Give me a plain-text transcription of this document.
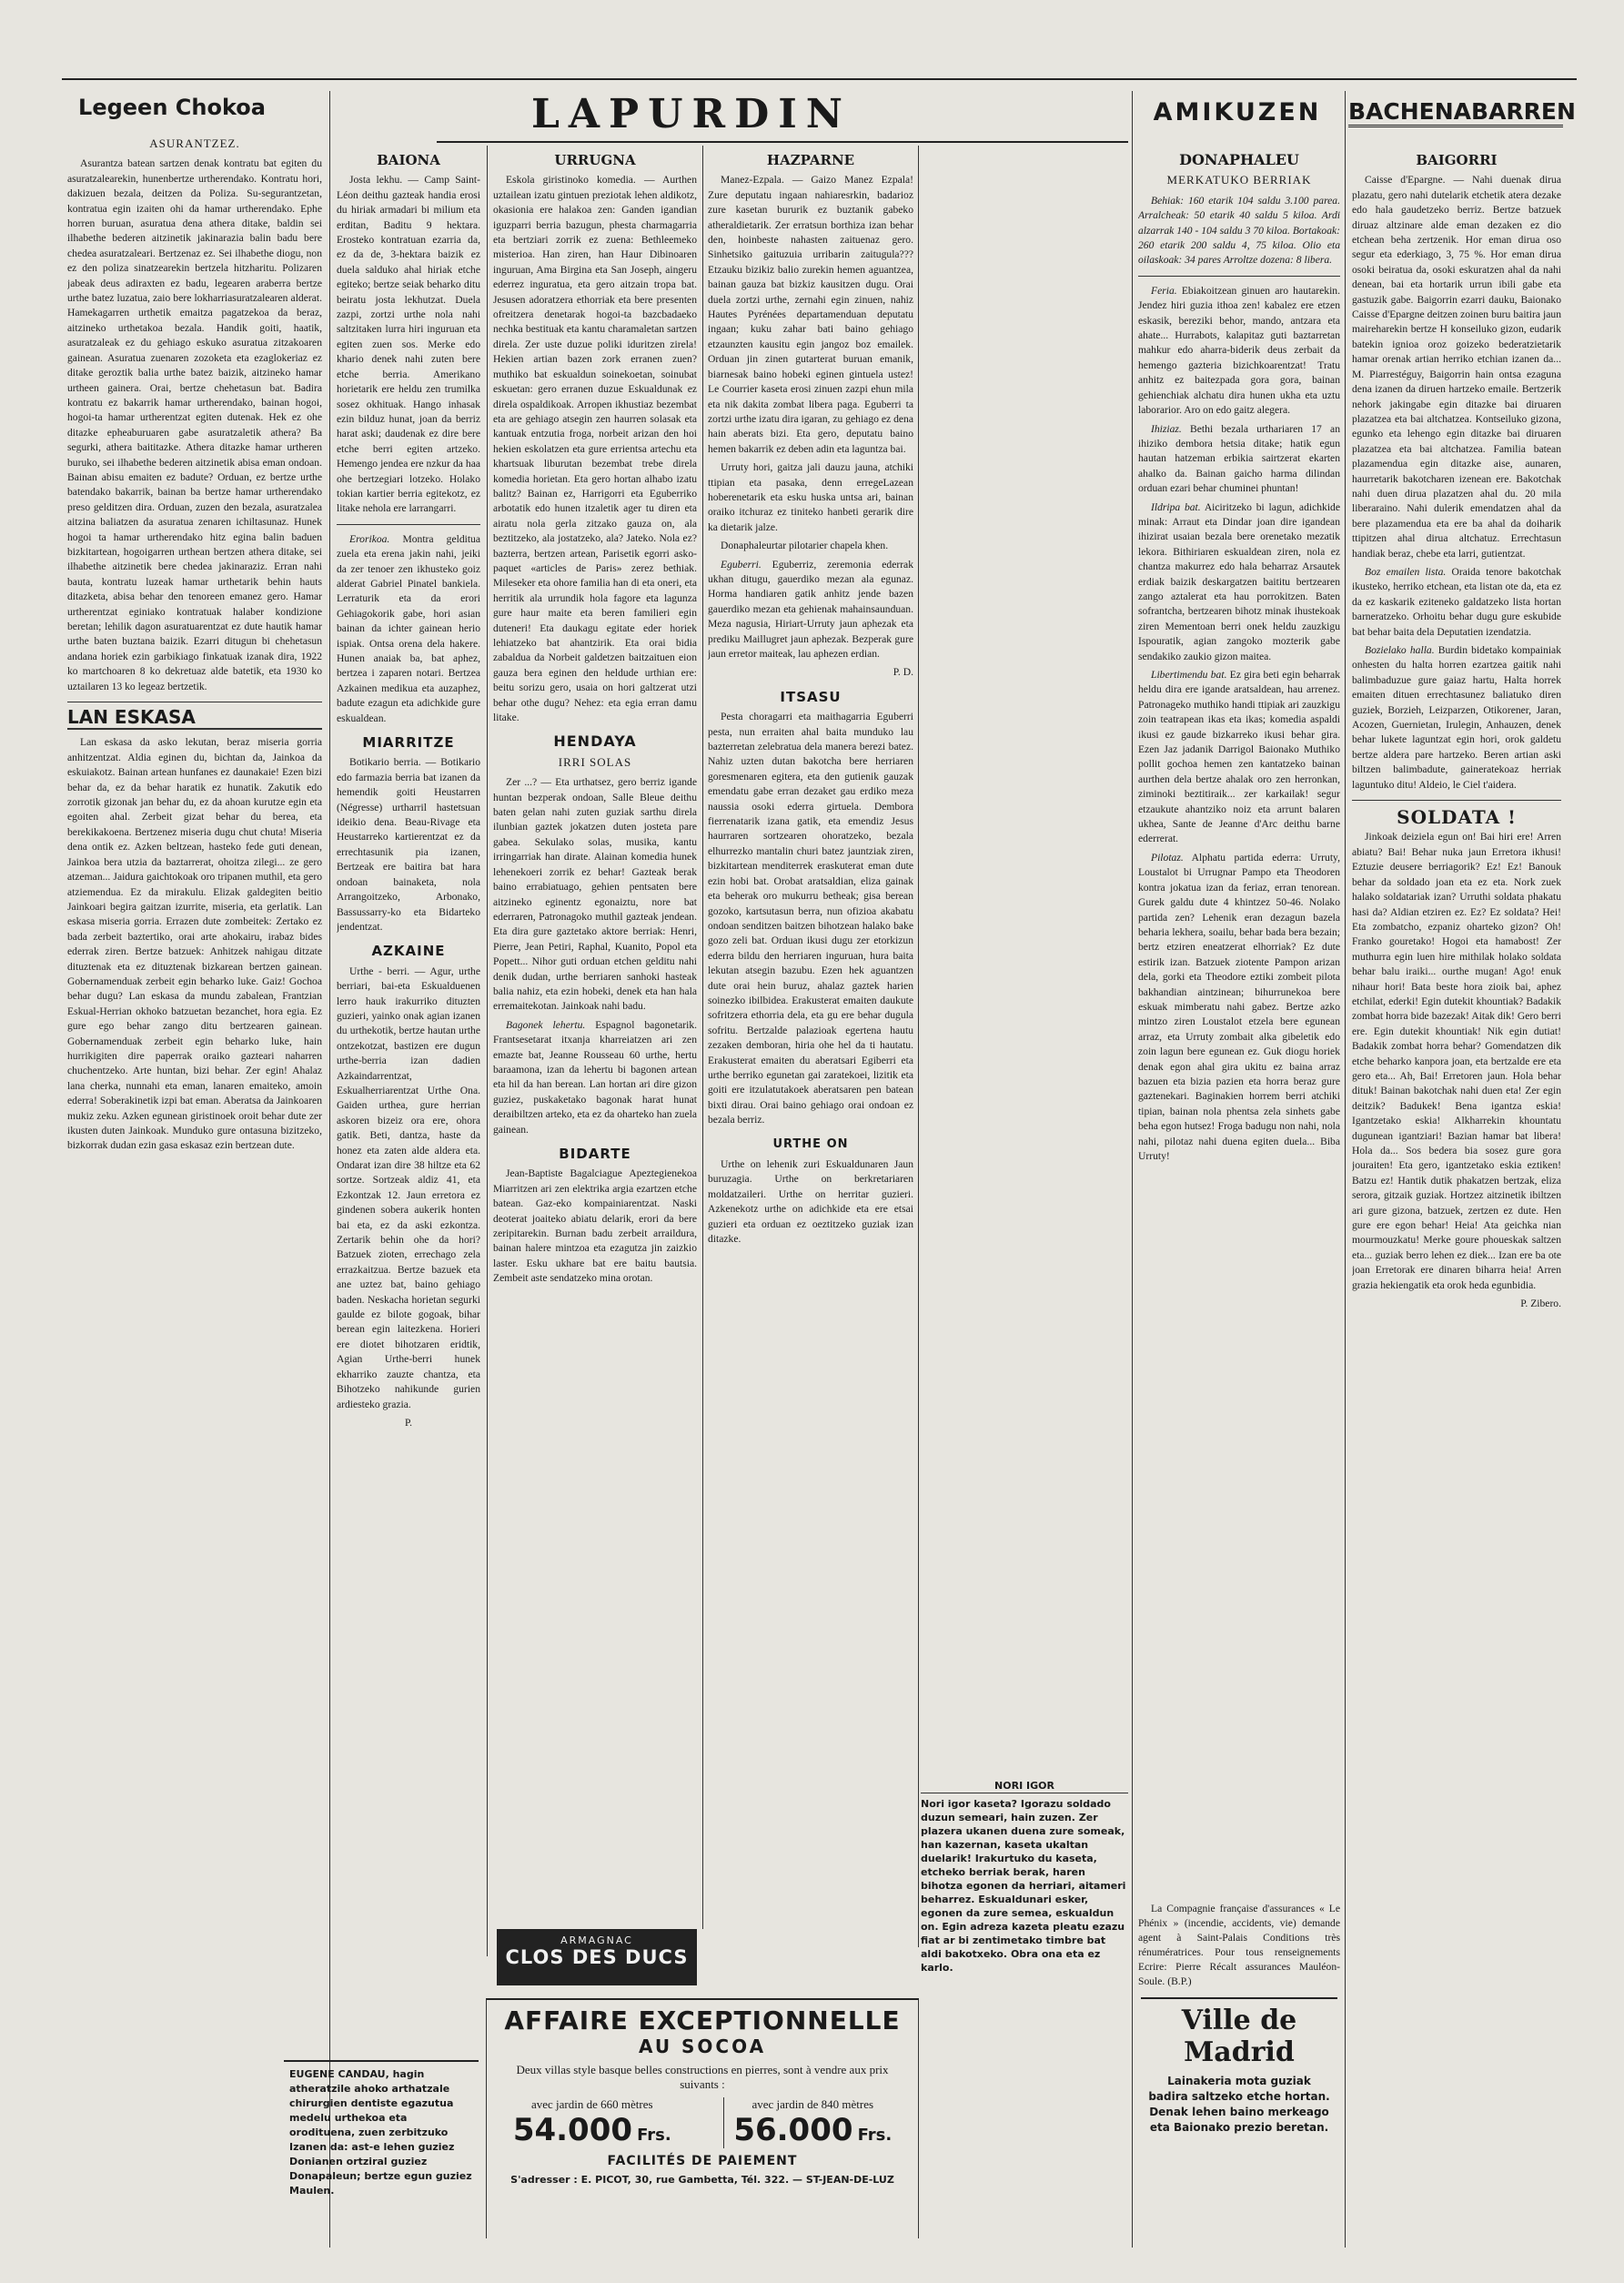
Legeen Chokoa	LAPURDIN	AMIKUZEN	BACHENABARREN
ASURANTZEZ.

Asurantza batean sartzen denak kontratu bat egiten du asuratzalearekin, hunenbertze urtherendako. Kontratu hori, dakizuen bezala, deitzen da Poliza. Su-segurantzetan, kontratua egin izaiten ohi da hamar urtherendako. Ephe horren buruan, asuratua dena athera ditake, baldin sei ilhabethe bederen aitzinetik jakinarazia balin badu bere chedea asuratzaleari. Bertzenaz ez. Sei ilhabethe diogu, non ez den poliza sinatzearekin bertzela hitzharitu. Polizaren jabeak deus adiraxten ez badu, legearen araberra bertze urthe batez luzatua, zaio bere lokharriasuratzalearen alderat. Hamekagarren urthetik emaitza pagatzekoa da beraz, aitzineko urthetakoa bezala. Handik goiti, haatik, asuratzaleak ez du gehiago eskuko asuratua zitzakoaren gainean. Asuratua zuenaren zozoketa eta ezaglokeriaz ez ditake geroztik balia urthe batez baizik, aitzineko hamar urtheen gainera. Orai, bertze chehetasun bat. Badira kontratu ez bakarrik hamar urtherendako, bainan hogoi, hogoi-ta hamar urtherentzat egiten dutenak. Hek ez ohe ditazke epheaburuaren gabe asuratzaletik athera? Ba segurki, athera baititazke. Athera ditazke hamar urtheren buruko, sei ilhabethe bederen aitzinetik abisa eman ondoan. Bainan abisu emaiten ez badute? Orduan, ez bertze urthe batendako bakarrik, bainan ba bertze hamar urtherendako preso gelditzen dira. Orduan, zuzen den bezala, asuratzalea aitzina baliatzen da asuratua zenaren ichiltasunaz. Hunek hogoi ta hamar urtherendako hitz egina balin baduen bizkitartean, hogoigarren urthean bertzen athera ditake, sei ilhabethe aitzinetik bere chedea jakinaraziz. Erran nahi bauta, kontratu luzeak hamar urthetarik behin hauts ditazketa, abisa behar den tenoreen emanez gero. Hamar urtherentzat eginiako kontratuak halaber kondizione beretan; lehilik dagon asuratuarentzat ez dute hautik hamar urthe baten buztana baizik. Ezarri ditugun bi chehetasun andana horiek ezin garbikiago finkatuak izanak dira, 1922 ko martchoaren 8 ko dekretuaz alde batetik, eta 1930 ko uztailaren 13 ko legeaz bertzetik.

LAN ESKASA

Lan eskasa da asko lekutan, beraz miseria gorria anhitzentzat. Aldia eginen du, bichtan da, Jainkoa da eskuiakotz. Bainan artean hunfanes ez daunakaie! Ezen bizi behar da, ez da behar haratik ez hunatik. Zakutik edo zorrotik gizonak jan behar du, ez da ahoan kurutze egin eta egoiten ahal. Zerbeit gizat behar du berea, eta berekikakoena. Bertzenez miseria dugu chut chuta! Miseria dena ontik ez. Azken beltzean, hasteko fede guti denean, Jainkoa bera utzia da baztarrerat, ohoitza zilegi... ze gero atzeman... Jaidura gaichtokoak oro tripanen muthil, eta gero atziemendua. Ez da mirakulu. Elizak galdegiten beitio Jainkoari begira gaitzan izurrite, miseria, eta gerlatik. Lan eskasa miseria gorria. Errazen dute zombeitek: Zertako ez bada zerbeit baztertiko, orai arte ahokairu, irabaz bides ederrak ziren. Bertze batzuek: Anhitzek nahigau ditzate dituztenak eta ez dituztenak bizkarean bertzen gainean. Gobernamenduak zerbeit egin beharko luke. Gaiz! Gochoa behar dugu? Lan eskasa da mundu zabalean, Frantzian Eskual-Herrian okhoko batzuetan bezanchet, hora egia. Ez gure ego behar zango ditu bertzearen gainean. Gobernamenduak zerbeit egin beharko luke, hain hurrikigiten dire paperrak oraiko gazteari naharren chuchentzeko. Arte huntan, bizi behar. Zer egin! Ahalaz lana cherka, nunnahi eta eman, lanaren emaiteko, amoin ederra! Soberakinetik izpi bat eman. Aberatsa da Jainkoaren mukiz zeku. Azken egunean giristinoek oroit behar dute zer ikusten duten Jainkoak. Munduko gure ontasuna bizitzeko, bizkorrak dudan ezin gasa eskasaz ezin bertzean dute.

BAIONA

Josta lekhu. — Camp Saint-Léon deithu gazteak handia erosi du hiriak armadari bi milium eta erditan, Baditu 9 hektara. Erosteko kontratuan ezarria da, ez da de, 3-hektara baizik ez duela salduko ahal hiriak etche egiteko; bertze seiak beharko ditu beiratu josta lekhutzat. Duela zazpi, zortzi urthe nola nahi saltzitaken lurra hiri inguruan eta egiten zuen sos. Merke edo khario denek nahi zuten bere etche berria. Amerikano horietarik ere heldu zen trumilka sosez okhituak. Hango inhasak ezin bilduz hunat, joan da berriz harat aski; daudenak ez dire bere etche berri egiten artzeko. Hemengo jendea ere nzkur da haa ohe bertzegiari lotzeko. Holako tokian kartier berria egitekotz, ez litake nehola ere larrangarri.

Erorikoa. Montra gelditua zuela eta erena jakin nahi, jeiki da zer tenoer zen ikhusteko goiz alderat Gabriel Pinatel bankiela. Lerraturik eta da erori Gehiagokorik gabe, hori asian bainan da ichter gainean herio ispiak. Ontsa orena dela hakere. Hunen anaiak ba, bat aphez, bertzea i zaparen notari. Bertzea Azkainen medikua eta auzaphez, badute ezagun eta adichkide gure eskualdean.

MIARRITZE

Botikario berria. — Botikario edo farmazia berria bat izanen da hemendik goiti Heustarren (Négresse) urtharril hastetsuan ideikio dena. Beau-Rivage eta Heustarreko kartierentzat ez da errechtasunik pia izanen, Bertzeak ere baitira bat hara ondoan bainaketa, nola Arrangoitzeko, Arbonako, Bassussarry-ko eta Bidarteko jendentzat.

AZKAINE

Urthe - berri. — Agur, urthe berriari, bai-eta Eskualduenen lerro hauk irakurriko dituzten guzieri, yainko onak agian izanen du urthekotik, bertze hautan urthe ontzekotzat, bastizen ere dugun urthe-berria izan dadien Azkaindarrentzat, Eskualherriarentzat Urthe Ona. Gaiden urthea, gure herrian askoren bizeiz ora ere, ohora gatik. Beti, dantza, haste da honez eta zaten alde aldera eta. Ondarat izan dire 38 hiltze eta 62 sortze. Sortzeak aldiz 41, eta Ezkontzak 12. Jaun erretora ez gindenen sobera aukerik honten bai eta, ez da aski ezkontza. Zertarik behin ohe da hori? Batzuek zioten, errechago zela errazkaitzua. Bertze bazuek eta ane uztez bat, baino gehiago baden. Neskacha horietan segurki gaulde ez bilote gogoak, bihar berean egin laitezkena. Horieri ere diotet bihotzaren eridtik, Agian Urthe-berri hunek ekharriko zauzte chantza, eta Bihotzeko nahikunde gurien ardiesteko grazia.

P.
URRUGNA

Eskola giristinoko komedia. — Aurthen uztailean izatu gintuen preziotak lehen aldikotz, okasionia ere halakoa zen: Ganden igandian iguzparri berria bazugun, phesta charmagarria eta bertziari zorrik ez zuena: Bethleemeko misterioa. Han ziren, han Haur Dibinoaren inguruan, Ama Birgina eta San Joseph, aingeru ederrez inguratua, eta gero aitzain tropa bat. Jesusen adoratzera ethorriak eta bere presenten ofreitzera denetarak hogoi-ta bazcbadaeko nechka bestituak eta kantu charamaletan sartzen direla. Zer uste duzue poliki iduritzen zirela! Hekien artian bazen zork erranen zuen? muthiko bat eskualdun soinekoetan, soinubat eskuetan: gero erranen duzue Eskualdunak ez direla ospaldikoak. Arropen ikhustiaz bezembat eta are gehiago atsegin zen haurren solasak eta kantuak entzutia froga, norbeit arizan den hoi hekien eskolatzen eta gure errientsa artechu eta khartsuak liburutan bezembat trebe direla komedia horietan. Eta gero hortan alhabo izatu balitz? Bainan ez, Harrigorri eta Eguberriko arbotatik edo hunen itzaletik ager tu diren eta airatu nola gerla zitzako gauza on, ala beztitzeko, ala jostatzeko, ala? Jateko. Nola ez? bazterra, bertzen artean, Parisetik egorri asko-paquet «articles de Paris» zerez bethiak. Mileseker eta ohore familia han di eta oneri, eta herritik ala urrundik hola fagore eta lagunza gure haur maite eta beren familieri egin duteneri! Eta daukagu egitate eder horiek lehiatzeko bat ahantzirik. Eta orai bidia zabaldua da Norbeit galdetzen baitzaituen eion gauza bera eginen den heldude urthian ere: beitu sorizu gero, usaia on hori galtzerat utzi behar othe dugu? Nehez: eta egia erran damu litake.

HENDAYA
IRRI SOLAS

Zer ...? — Eta urthatsez, gero berriz igande huntan bezperak ondoan, Salle Bleue deithu baten gelan nahi zuten guziak sarthu direla ilunbian gaztek jokatzen duten josteta pare gabea. Sekulako solas, musika, kantu irringarriak han dirate. Alainan komedia hunek lehenekoeri zorrik ez behar! Gazteak berak baino errabiatuago, gehien pentsaten bere aitzineko eginentz egonaiztu, nore bat ederraren, Patronagoko muthil gazteak jendean. Eta dira gure gaztetako aktore berriak: Henri, Pierre, Jean Petiri, Raphal, Kuanito, Popol eta Popett... Nihor guti orduan etchen gelditu nahi denik dudan, urthe berriaren sanhoki hasteak balia nahiz, eta ezin hobeki, denek eta han hala erremaitekotan. Jainkoak nahi badu.

Bagonek lehertu. Espagnol bagonetarik. Frantsesetarat itxanja kharreiatzen ari zen emazte bat, Jeanne Rousseau 60 urthe, hertu baraamona, izan da lehertu bi bagonen artean eta hil da han berean. Lan hortan ari dire gizon guziez, puskaketako bagonak harat hunat deraibiltzen arteko, eta ez da oharteko han zuela gainean.

BIDARTE

Jean-Baptiste Bagalciague Apeztegienekoa Miarritzen ari zen elektrika argia ezartzen etche batean. Gaz-eko kompainiarentzat. Naski deoterat joaiteko abiatu delarik, erori da bere zeripitarekin. Burnan badu zerbeit arraildura, bainan halere mintzoa eta ezagutza jin zaizkio laster. Esku ukhare bat ere baitu bautsia. Zembeit aste sendatzeko mina orotan.

HAZPARNE

Manez-Ezpala. — Gaizo Manez Ezpala! Zure deputatu ingaan nahiaresrkin, badarioz zure kasetan bururik ez buztanik gabeko atheraldietarik. Zer erratsun borthiza izan behar den, hoinbeste nahasten zaituenaz gero. Sinhetsiko gaituzuia urribarin zaitugula??? Etzauku bizikiz balio zurekin hemen aguantzea, bainan gauza bat bizkiz kausitzen dugu. Orai duela zortzi urthe, zernahi egin zinuen, nahiz Hautes Pyrénées departamenduan deputatu ingaan; kuku zahar bati baino gehiago etzaunzten kausitu egin jangoz boz emailek. Orduan jin zinen gutarterat buruan emanik, biarnesak baino hobeki eginen gintuela ustez! Le Courrier kaseta erosi zinuen zazpi ehun mila eta nik dakita zombat libera paga. Eguberri ta zortzi urthe izatu dira igaran, zu gehiago ez dena hain aberats bizi. Eta gero, deputatu baino hemen bakarrik ez deben adin eta laguntza bai.

Urruty hori, gaitza jali dauzu jauna, atchiki ttipian eta pasaka, denn erregeLazean hoberenetarik eta esku huska untsa ari, bainan oraiko itchuraz ez tiniteko hanbeti gerarik dire ka dietarik jalze.

Donaphaleurtar pilotarier chapela khen.

Eguberri. Eguberriz, zeremonia ederrak ukhan ditugu, gauerdiko mezan ala egunaz. Horma handiaren gatik anhitz jende bazen gauerdiko mezan eta gehienak mahainsaunduan. Meza nagusia, Hiriart-Urruty jaun aphezak eta prediku Maillugret jaun aphezak. Bezperak gure jaun erretor maiteak, lau aphezen erdian.

P. D.
ITSASU

Pesta choragarri eta maithagarria Eguberri pesta, nun erraiten ahal baita munduko lau bazterretan zelebratua dela manera berezi batez. Nahiz uzten dutan bakotcha bere herriaren goresmenaren egitera, eta den gutienik gauzak emendatu gabe erran dezaket gau erdiko meza naussia osoki ederra girtuela. Dembora fierrenatarik izana gatik, eta emendiz Jesus haurraren sortzearen ohoratzeko, bezala elhurrezko mantalin churi batez jauntziak ziren, bizkitartean menditerrek eraskuterat eman dute ezin hobi bat. Orobat aratsaldian, eliza gainak eta beherak oro mukurru betheak; gisa berean gozoko, kartsutasun berra, nun ofizioa akabatu ondoan senditzen baitzen bihotzean halako bake gozo zeli bat. Orduan ikusi dugu zer etorkizun ederra bildu den herriaren inguruan, hura baita lekutan atsegin bazubu. Ezen hek aguantzen dute orai hein buruz, ahalaz gaztek harien soinezko ibilbidea. Erakusterat emaiten daukute sofritzera ethorria dela, eta gu ere behar dugula sofritu. Bertzalde palazioak egertena hautu zezaken demboran, hiria ohe hel da ti hautatu. Erakusterat emaiten du aberatsari Egiberri eta urthe berriko egunetan gai zaratekoei, lizitik eta goiti ere itzulatutakoek aberatsaren pen batean bixti dirau. Orai baino gehiago orai ondoan ez bezala berriz.

URTHE ON

Urthe on lehenik zuri Eskualdunaren Jaun buruzagia. Urthe on berkretariaren moldatzaileri. Urthe on herritar guzieri. Azkenekotz urthe on adichkide eta ere etsai guzieri eta orduan ez oeztitzeko guziak izan ditazke.

NORI IGOR

Nori igor kaseta? Igorazu soldado duzun semeari, hain zuzen. Zer plazera ukanen duena zure someak, han kazernan, kaseta ukaltan duelarik! Irakurtuko du kaseta, etcheko berriak berak, haren bihotza egonen da herriari, aitameri beharrez. Eskualdunari esker, egonen da zure semea, eskualdun on. Egin adreza kazeta pleatu ezazu fiat ar bi zentimetako timbre bat aldi bakotxeko. Obra ona eta ez karlo.

DONAPHALEU
MERKATUKO BERRIAK

Behiak: 160 etarik 104 saldu 3.100 parea. Arralcheak: 50 etarik 40 saldu 5 kiloa. Ardi alzarrak 140 - 104 saldu 3 70 kiloa. Bortakoak: 260 etarik 200 saldu 4, 75 kiloa. Olio eta oilaskoak: 34 pares Arroltze dozena: 8 libera.

Feria. Ebiakoitzean ginuen aro hautarekin. Jendez hiri guzia ithoa zen! kabalez ere etzen eskasik, bereziki behor, mando, antzara eta ahate... Hurrabots, kalapitaz guti baztarretan mahkur edo aharra-biderik deus zerbait da hemengo gazteria bizichkoarentzat! Tratu anhitz ez baitezpada gora gora, bainan gehienchiak alchatu dira hunen ukha eta uztu laborarior. Aro on edo gaitz alegera.

Ihiziaz. Bethi bezala urthariaren 17 an ihiziko dembora hetsia ditake; hatik egun hautan hatzeman erbikia sairtzerat ekarten ahalko da. Bainan gaicho harma dilindan orduan ezari behar chuminei phuntan!

Ildripa bat. Aiciritzeko bi lagun, adichkide minak: Arraut eta Dindar joan dire igandean ihizirat usaian bezala bere orenetako mezatik lekora. Bithiriaren eskualdean ziren, nola ez chantza makurrez edo hala beharraz Arsautek erdiak baizik deskargatzen baititu bertzearen zango aztalerat eta hau porrokitzen. Baten sofrantcha, bertzearen bihotz minak ihustekoak ziren Mementoan berri onek heldu zauzkigu Ispouratik, agian zangoko mozterik gabe sendakiko zaukio gizon maitea.

Libertimendu bat. Ez gira beti egin beharrak heldu dira ere igande aratsaldean, hau arrenez. Patronageko muthiko handi ttipiak ari zauzkigu zoin teatrapean ikas eta ikas; komedia aspaldi ikusi ez gaude bizkarreko ikusi behar gira. Ezen Jaz jadanik Darrigol Baionako Muthiko pollit gochoa hemen zen kantatzeko bainan aurthen dela bertze ahalak oro zen herronkan, ziminoki beztitiraik... zer karkailak! segur etzaukute ahantziko noiz eta arrunt balaren ukhea, Sante de Jeanne d'Arc deithu barne ederrerat.

Pilotaz. Alphatu partida ederra: Urruty, Loustalot bi Urrugnar Pampo eta Theodoren kontra jokatua izan da feriaz, erran tenorean. Gurek galdu dute 4 khintzez 50-46. Nolako partida zen? Lehenik eran dezagun bazela beharia lekhera, soailu, behar bada bera bezain; bertz etziren eneatzerat elhorriak? Ez dute estirik izan. Batzuek ziotente Pampon arizan dela, gorki eta Theodore eztiki zombeit pilota bakhandian aintzinean; bihurrunekoa bere eskuak mimberatu nahi gabez. Bertze azko mintzo ziren Loustalot etzela bere egunean arraz, eta Urruty zombait alka gibeletik edo zoin lagun bere egunean ez. Guk diogu horiek denak egon ahal gira ukitu ez baina arraz bazuen eta bizia pazien eta horra beraz gure gaztenekari. Baginakien horrem berri atchiki tipian, bainan nola phentsa zela sinhets gabe beha egon hutsez! Froga badugu non nahi, nola nahi, pilotaz nahi duena egiten duela... Biba Urruty!

La Compagnie française d'assurances « Le Phénix » (incendie, accidents, vie) demande agent à Saint-Palais Conditions très rénumératrices. Pour tous renseignements Ecrire: Pierre Récalt assurances Mauléon-Soule. (B.P.)
Ville de Madrid
Lainakeria mota guziak badira saltzeko etche hortan. Denak lehen baino merkeago eta Baionako prezio beretan.
BAIGORRI

Caisse d'Epargne. — Nahi duenak dirua plazatu, gero nahi dutelarik etchetik atera dezake edo hala gaudetzeko berriz. Bertze batzuek diruaz altzinare alde eman dezaken ez dio etchean beha zertzenik. Hor eman dirua oso segur eta ederkiago, 3, 75 %. Hor eman dirua osoki beiratua da, osoki eskuratzen ahal da nahi denean, bai eta hortarik urrun ibili gabe eta gastuzik gabe. Baigorrin ezarri dauku, Baionako Caisse d'Epargne deitzen zoinen buru baitira jaun maireharekin bertze H konseiluko gizon, eudarik batekin ignioa oroz goizeko bederatzietarik hamar orenak artian herriko etchian izanen da... M. Piarrestéguy, Baigorrin hain ontsa ezaguna dena izanen da diruen hartzeko emaile. Bertzerik nehork jakingabe egin ditazke bai diruaren plazatzea eta bai altchatzea. Kontseiluko gizona, egunko eta lehengo egin ditazke bai diruaren plazatzea eta bai altchatzea. Familia batean plazamendua egin ditazke aise, aunaren, haurretarik bakotcharen izenean ere. Bakotchak nahi duen dirua plazatzen ahal du. 20 mila liberaraino. Nahi dulerik emendatzen ahal da bere plazamendua eta ere ba ahal da doiharik ttipitzen ahal dirua altchatuz. Errechtasun handiak beraz, chebe eta larri, gutientzat.

Boz emailen lista. Oraida tenore bakotchak ikusteko, herriko etchean, eta listan ote da, eta ez da ez kaskarik eziteneko galdatzeko lista hortan barneratzeko. Orhoitu behar dugu gure eskubide bat behar baita dela Deputatien izendatzia.

Bozielako halla. Burdin bidetako kompainiak onhesten du halta horren ezartzea gaitik nahi balimbaduzue gure gaiaz hartu, Halta horrek emaiten dituen errechtasunez baliatuko diren guziek, Borzieh, Leizparzen, Otikorener, Jaran, Acozen, Guernietan, Irulegin, Anhauzen, denek behar lukete laguntzat egin hori, orok galdetu bertze aldera pare hartzeko. Beren artian aski biltzen balimbadute, gaineratekoaz herriak laguntuko ditu! Aldeio, le Ciel t'aidera.

SOLDATA !

Jinkoak deiziela egun on! Bai hiri ere! Arren abiatu? Bai! Behar nuka jaun Erretora ikhusi! Eztuzie deusere berriagorik? Ez! Ez! Banouk behar da soldado joan eta ez eta. Nork zuek halako soldatariak izan? Urruthi soldata phakatu hasi da? Aldian etziren ez. Ez? Ez soldata? Hei! Eta zombatcho, ezpaniz oharteko gizon? Oh! Franko gouretako! Hogoi eta hamabost! Zer muthurra egin luen hire mithilak holako soldata behar balu iraiki... ourthe mugan! Ago! enuk nihaur hori! Bata beste hora zioik bai, aphez etchilat, ederki! Egin dutekit khountiak? Badakik zombat horra bide bazezak! Aitak dik! Gero berri ere. Egin dutekit khountiak! Nik egin dutiat! Badakik zombat horra behar? Gomendatzen dik etche beharko kanpora joan, eta bertzalde ere eta gero eta... Ah, Bai! Erretoren jaun. Hola behar dituk! Bainan bakotchak nahi duen eta! Zer egin deitzik? Badukek! Bena igantza eskia! Igantzetako eskia! Alkharrekin khountatu dugunean igantziari! Bazian hamar bat libera! Hola da... Sos bedera bia sosez gure gora jouraiten! Eta gero, igantzetako eskia eztiken! Batzu ez! Hantik dutik phakatzen bertzak, eliza serora, gitzaik guziak. Hortzez aitzinetik ibiltzen ari gure gizona, batzuek, zertzen ez dute. Hen gure ere egon behar! Heia! Ata geichka nian mourmouzkatu! Merke goure phoueskak saltzen eta... guziak berro lehen ez diek... Izan ere ba ote joan Erretorak ere dinaren biharra heia! Arren grazia hekiengatik eta orok heda egunbidia.

P. Zibero.
ARMAGNAC
CLOS DES DUCS
EUGENE CANDAU, hagin atheratzile ahoko arthatzale chirurgien dentiste egazutua medelu urthekoa eta orodituena, zuen zerbitzuko Izanen da: ast-e lehen guziez Donianen ortziral guziez Donapaleun; bertze egun guziez Maulen.
AFFAIRE EXCEPTIONNELLE
AU SOCOA
Deux villas style basque belles constructions en pierres, sont à vendre aux prix suivants :
avec jardin de 660 mètres
54.000 Frs.
avec jardin de 840 mètres
56.000 Frs.
FACILITÉS DE PAIEMENT
S'adresser : E. PICOT, 30, rue Gambetta, Tél. 322. — ST-JEAN-DE-LUZ
